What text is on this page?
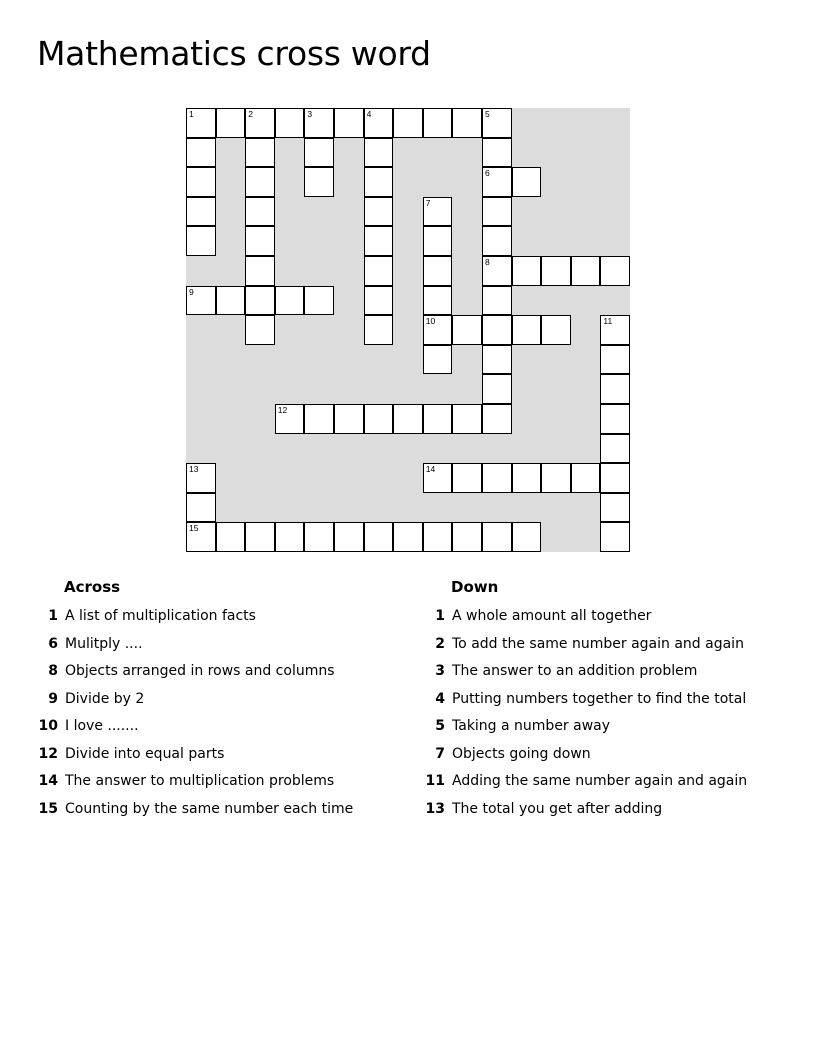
Mathematics cross word
1	2	3	4	5
6
8
9
10
12
14
15
7
11
13
Across
1 A list of multiplication facts
6 Mulitply ....
8 Objects arranged in rows and columns
9 Divide by 2
10 I love .......
12 Divide into equal parts
14 The answer to multiplication problems
15 Counting by the same number each time
Down
1 A whole amount all together
2 To add the same number again and again
3 The answer to an addition problem
4 Putting numbers together to find the total
5 Taking a number away
7 Objects going down
11 Adding the same number again and again
13 The total you get after adding
